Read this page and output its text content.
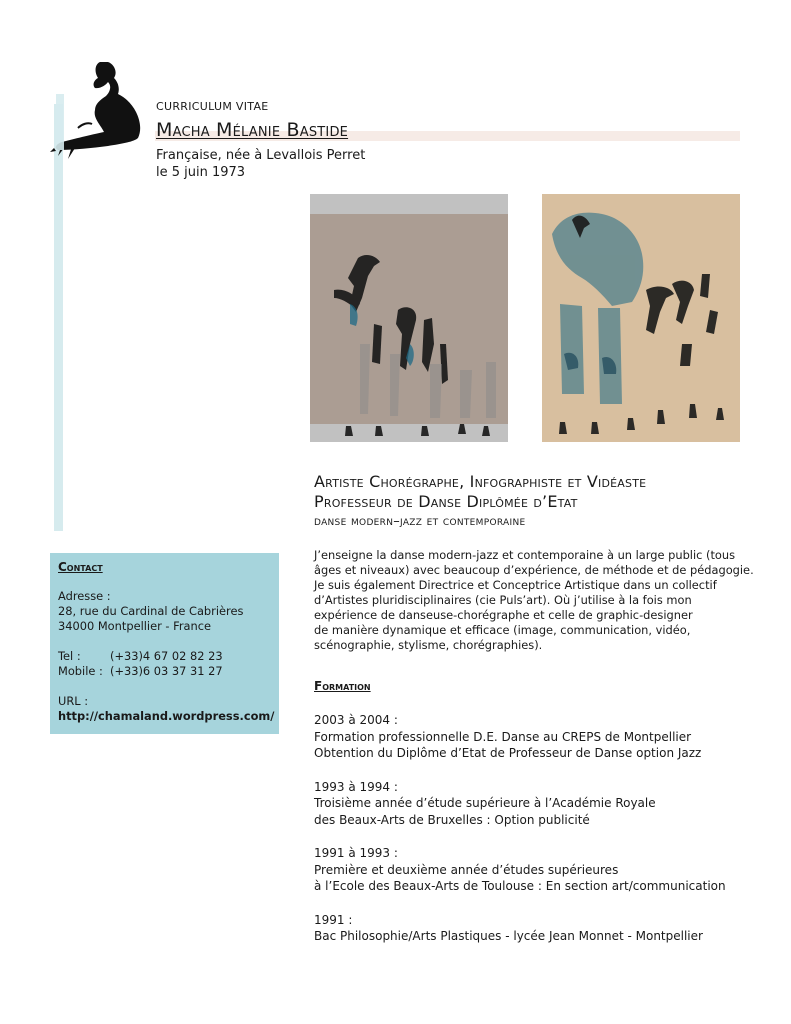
CURRICULUM VITAE
Macha Mélanie Bastide
Française, née à Levallois Perret
le 5 juin 1973
Artiste Chorégraphe, Infographiste et Vidéaste
Professeur de Danse Diplômée d’Etat
danse modern–jazz et contemporaine
J’enseigne la danse modern-jazz et contemporaine à un large public (tous
âges et niveaux) avec beaucoup d’expérience, de méthode et de pédagogie.
Je suis également Directrice et Conceptrice Artistique dans un collectif
d’Artistes pluridisciplinaires (cie Puls’art). Où j’utilise à la fois mon
expérience de danseuse-chorégraphe et celle de graphic-designer
de manière dynamique et efficace (image, communication, vidéo,
scénographie, stylisme, chorégraphies).
Contact
Adresse :
28, rue du Cardinal de Cabrières
34000 Montpellier - France
Tel :	(+33)4 67 02 82 23
Mobile : (+33)6 03 37 31 27
URL :
http://chamaland.wordpress.com/
Formation
2003 à 2004 :
Formation professionnelle D.E. Danse au CREPS de Montpellier
Obtention du Diplôme d’Etat de Professeur de Danse option Jazz
1993 à 1994 :
Troisième année d’étude supérieure à l’Académie Royale
des Beaux-Arts de Bruxelles : Option publicité
1991 à 1993 :
Première et deuxième année d’études supérieures
à l’Ecole des Beaux-Arts de Toulouse : En section art/communication
1991 :
Bac Philosophie/Arts Plastiques - lycée Jean Monnet - Montpellier
